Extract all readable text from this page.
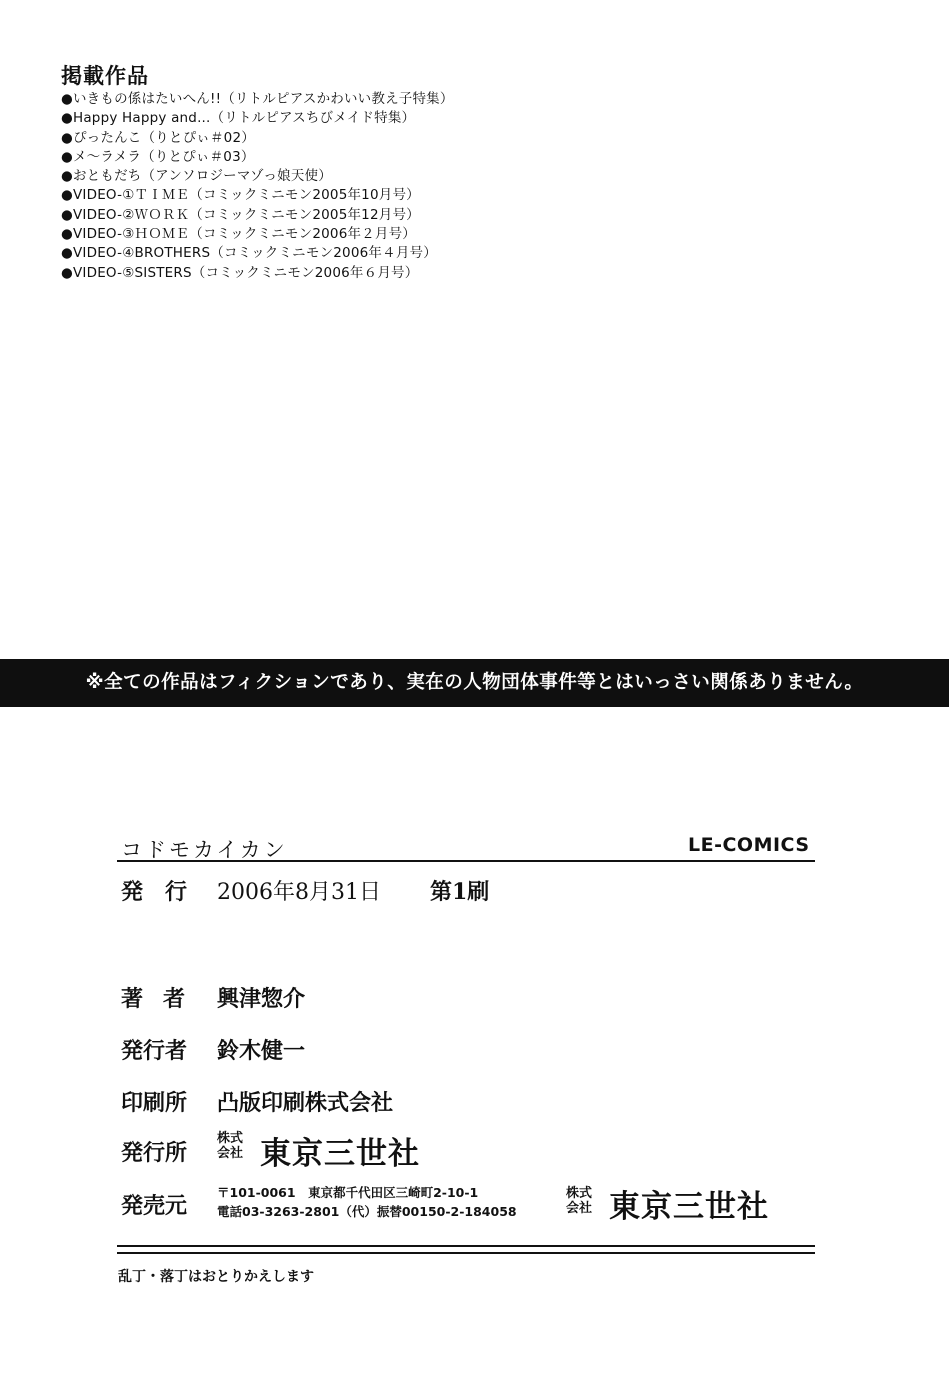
掲載作品
●いきもの係はたいへん!!（リトルピアスかわいい教え子特集）
●Happy Happy and...（リトルピアスちびメイド特集）
●ぴったんこ（りとぴぃ＃02）
●メ～ラメラ（りとぴぃ＃03）
●おともだち（アンソロジーマゾっ娘天使）
●VIDEO-①ＴＩＭＥ（コミックミニモン2005年10月号）
●VIDEO-②ＷＯＲＫ（コミックミニモン2005年12月号）
●VIDEO-③ＨＯＭＥ（コミックミニモン2006年２月号）
●VIDEO-④BROTHERS（コミックミニモン2006年４月号）
●VIDEO-⑤SISTERS（コミックミニモン2006年６月号）
※全ての作品はフィクションであり、実在の人物団体事件等とはいっさい関係ありません。
コドモカイカン	LE-COMICS
発行 2006年8月31日 第1刷
著者 興津惣介
発行者 鈴木健一
印刷所 凸版印刷株式会社
発行所
株式
会社 東京三世社
発売元
〒101-0061　東京都千代田区三崎町2-10-1
電話03-3263-2801（代）振替00150-2-184058
株式
会社 東京三世社
乱丁・落丁はおとりかえします
